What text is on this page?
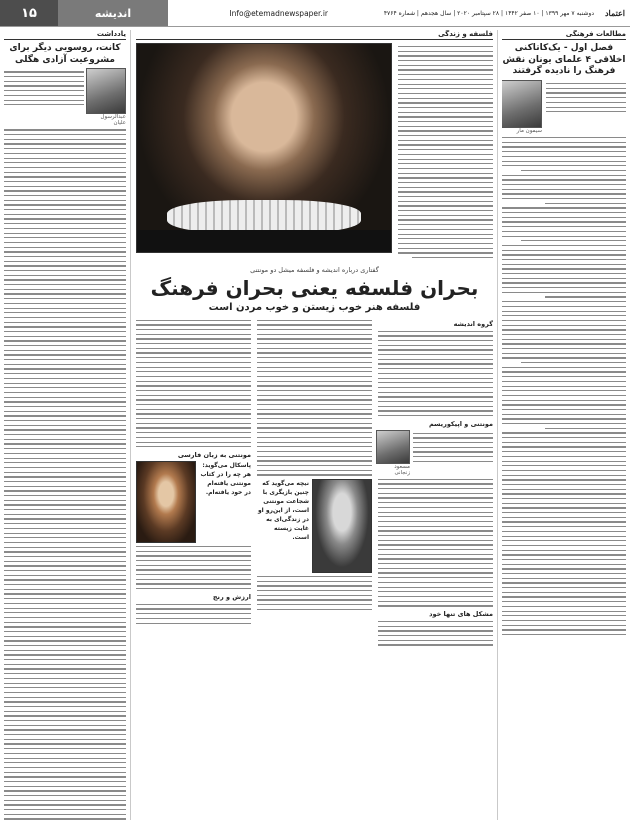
اعتماد
دوشنبه ۷ مهر ۱۳۹۹ | ۱۰ صفر ۱۴۴۲ | ۲۸ سپتامبر ۲۰۲۰ | سال هجدهم | شماره ۴۷۶۴
Info@etemadnewspaper.ir
اندیشه
۱۵
مطالعات فرهنگی
فصل اول - یک‌کاتاکنی اخلاقی ۴ علمای یونان نقش فرهنگ را نادیده گرفتند
سیمون مار
فلسفه و زندگی
گفتاری درباره اندیشه و فلسفه میشل دو مونتنی
بحران فلسفه یعنی بحران فرهنگ
فلسفه هنر خوب زیستن و خوب مردن است
گروه اندیشه
مونتنی و اپیکوریسم
مسعود زنجانی
مشکل های تنها خود
نیچه می‌گوید که چنین بازیگری با شجاعت مونتنی است، از این‌رو او در زندگی‌ای به غایت زیسته است.
مونتنی به زبان فارسی
پاسکال می‌گوید: هر چه را در کتاب مونتنی یافته‌ام در خود یافته‌ام.
ارزش و رنج
یادداشت
کانت، روسویی دیگر برای مشروعیت آزادی هگلی
عبدالرسول علیان
